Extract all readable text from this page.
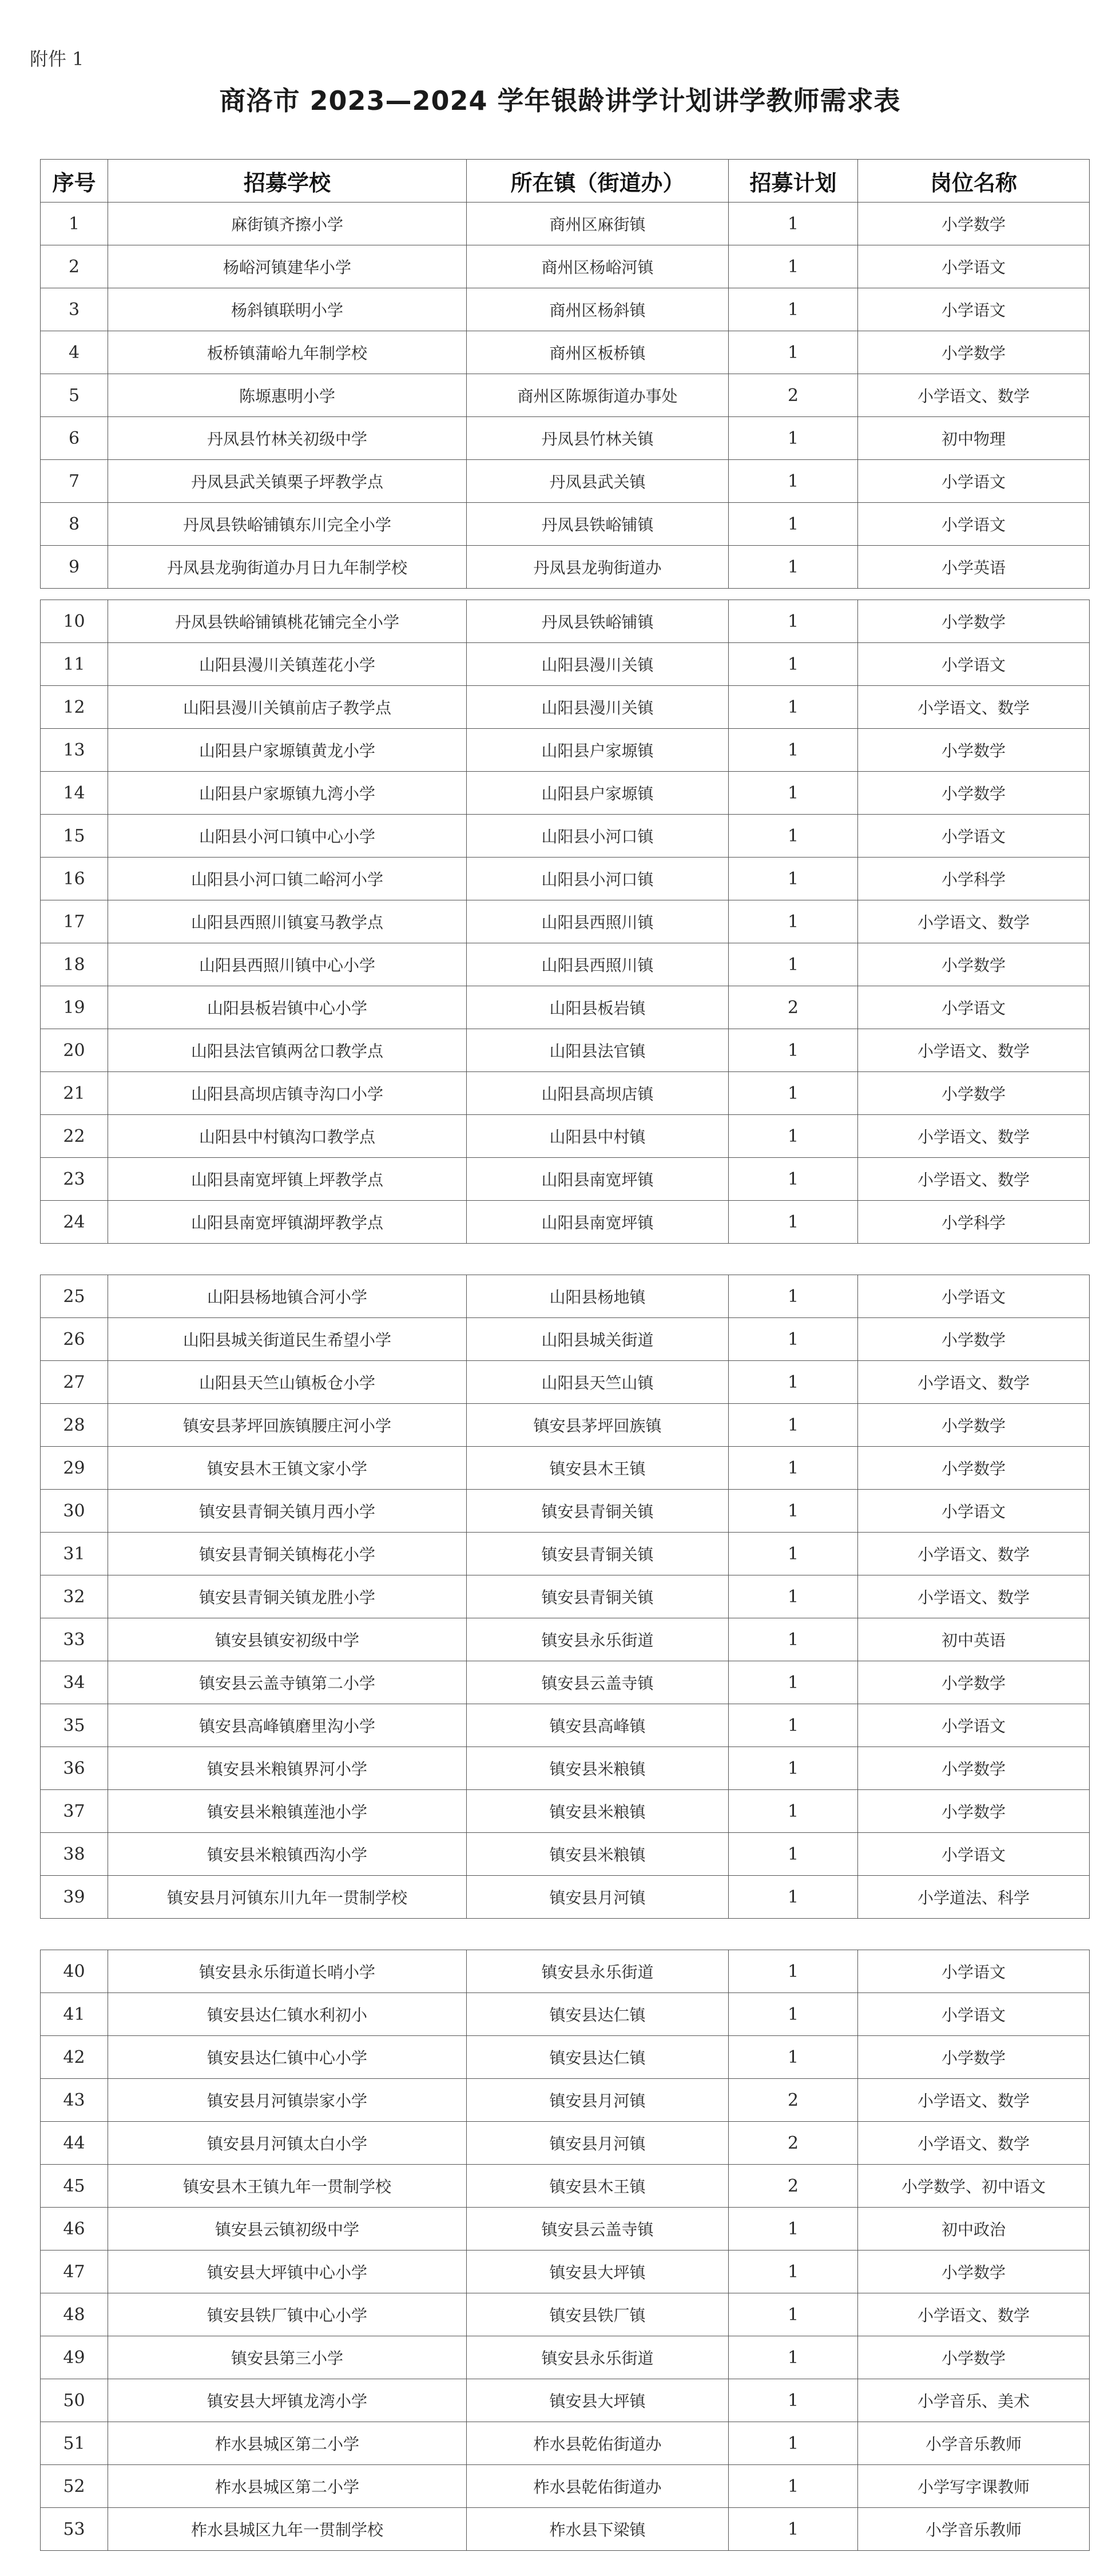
附件 1
商洛市 2023—2024 学年银龄讲学计划讲学教师需求表
序号	招募学校	所在镇（街道办）	招募计划	岗位名称
1	麻街镇齐擦小学	商州区麻街镇	1	小学数学
2	杨峪河镇建华小学	商州区杨峪河镇	1	小学语文
3	杨斜镇联明小学	商州区杨斜镇	1	小学语文
4	板桥镇蒲峪九年制学校	商州区板桥镇	1	小学数学
5	陈塬惠明小学	商州区陈塬街道办事处	2	小学语文、数学
6	丹凤县竹林关初级中学	丹凤县竹林关镇	1	初中物理
7	丹凤县武关镇栗子坪教学点	丹凤县武关镇	1	小学语文
8	丹凤县铁峪铺镇东川完全小学	丹凤县铁峪铺镇	1	小学语文
9	丹凤县龙驹街道办月日九年制学校	丹凤县龙驹街道办	1	小学英语
10	丹凤县铁峪铺镇桃花铺完全小学	丹凤县铁峪铺镇	1	小学数学
11	山阳县漫川关镇莲花小学	山阳县漫川关镇	1	小学语文
12	山阳县漫川关镇前店子教学点	山阳县漫川关镇	1	小学语文、数学
13	山阳县户家塬镇黄龙小学	山阳县户家塬镇	1	小学数学
14	山阳县户家塬镇九湾小学	山阳县户家塬镇	1	小学数学
15	山阳县小河口镇中心小学	山阳县小河口镇	1	小学语文
16	山阳县小河口镇二峪河小学	山阳县小河口镇	1	小学科学
17	山阳县西照川镇宴马教学点	山阳县西照川镇	1	小学语文、数学
18	山阳县西照川镇中心小学	山阳县西照川镇	1	小学数学
19	山阳县板岩镇中心小学	山阳县板岩镇	2	小学语文
20	山阳县法官镇两岔口教学点	山阳县法官镇	1	小学语文、数学
21	山阳县高坝店镇寺沟口小学	山阳县高坝店镇	1	小学数学
22	山阳县中村镇沟口教学点	山阳县中村镇	1	小学语文、数学
23	山阳县南宽坪镇上坪教学点	山阳县南宽坪镇	1	小学语文、数学
24	山阳县南宽坪镇湖坪教学点	山阳县南宽坪镇	1	小学科学
25	山阳县杨地镇合河小学	山阳县杨地镇	1	小学语文
26	山阳县城关街道民生希望小学	山阳县城关街道	1	小学数学
27	山阳县天竺山镇板仓小学	山阳县天竺山镇	1	小学语文、数学
28	镇安县茅坪回族镇腰庄河小学	镇安县茅坪回族镇	1	小学数学
29	镇安县木王镇文家小学	镇安县木王镇	1	小学数学
30	镇安县青铜关镇月西小学	镇安县青铜关镇	1	小学语文
31	镇安县青铜关镇梅花小学	镇安县青铜关镇	1	小学语文、数学
32	镇安县青铜关镇龙胜小学	镇安县青铜关镇	1	小学语文、数学
33	镇安县镇安初级中学	镇安县永乐街道	1	初中英语
34	镇安县云盖寺镇第二小学	镇安县云盖寺镇	1	小学数学
35	镇安县高峰镇磨里沟小学	镇安县高峰镇	1	小学语文
36	镇安县米粮镇界河小学	镇安县米粮镇	1	小学数学
37	镇安县米粮镇莲池小学	镇安县米粮镇	1	小学数学
38	镇安县米粮镇西沟小学	镇安县米粮镇	1	小学语文
39	镇安县月河镇东川九年一贯制学校	镇安县月河镇	1	小学道法、科学
40	镇安县永乐街道长哨小学	镇安县永乐街道	1	小学语文
41	镇安县达仁镇水利初小	镇安县达仁镇	1	小学语文
42	镇安县达仁镇中心小学	镇安县达仁镇	1	小学数学
43	镇安县月河镇崇家小学	镇安县月河镇	2	小学语文、数学
44	镇安县月河镇太白小学	镇安县月河镇	2	小学语文、数学
45	镇安县木王镇九年一贯制学校	镇安县木王镇	2	小学数学、初中语文
46	镇安县云镇初级中学	镇安县云盖寺镇	1	初中政治
47	镇安县大坪镇中心小学	镇安县大坪镇	1	小学数学
48	镇安县铁厂镇中心小学	镇安县铁厂镇	1	小学语文、数学
49	镇安县第三小学	镇安县永乐街道	1	小学数学
50	镇安县大坪镇龙湾小学	镇安县大坪镇	1	小学音乐、美术
51	柞水县城区第二小学	柞水县乾佑街道办	1	小学音乐教师
52	柞水县城区第二小学	柞水县乾佑街道办	1	小学写字课教师
53	柞水县城区九年一贯制学校	柞水县下梁镇	1	小学音乐教师
